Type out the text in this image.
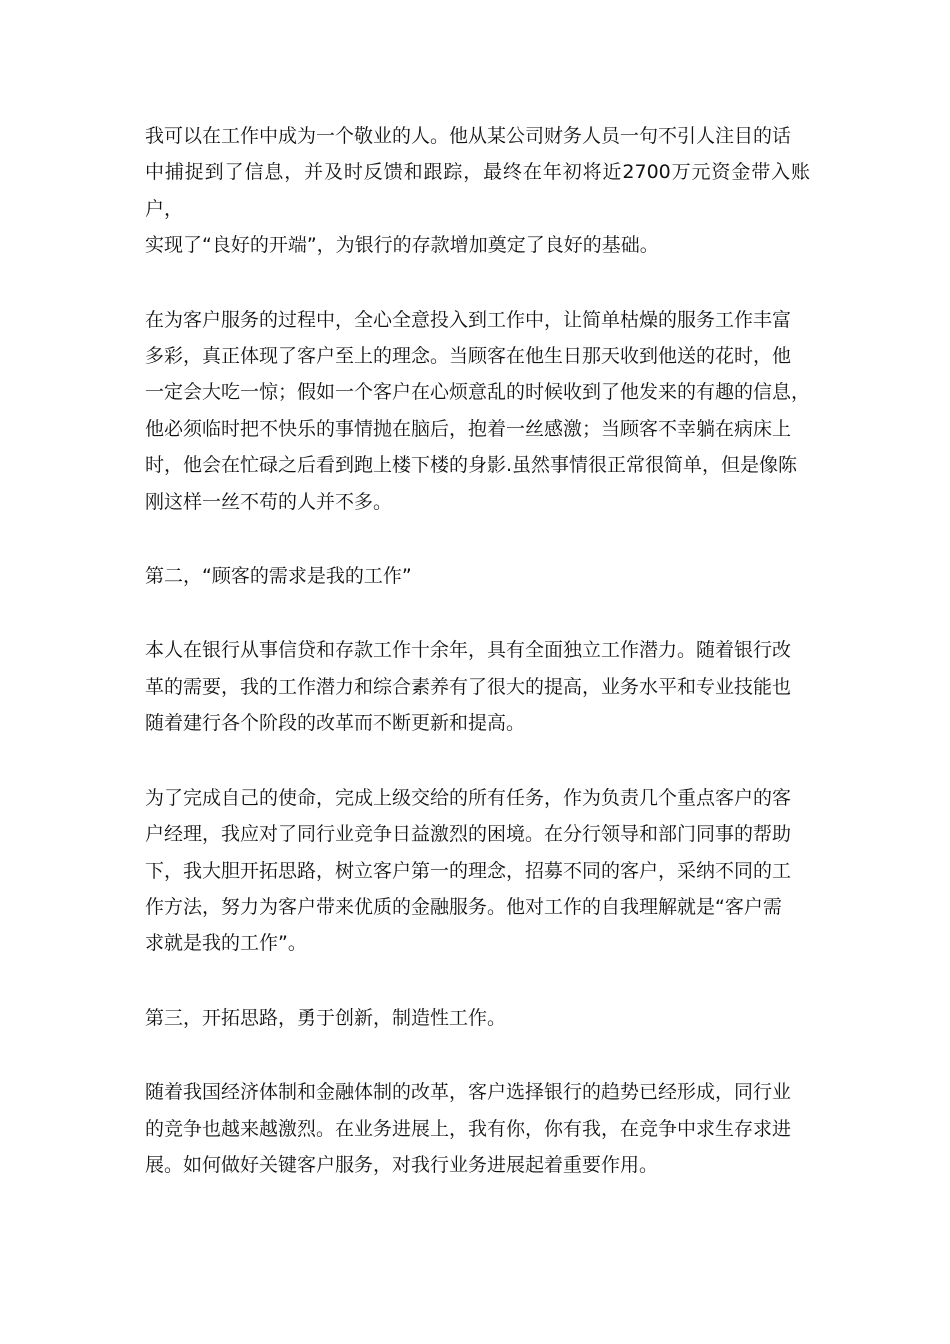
我可以在工作中成为一个敬业的人。他从某公司财务人员一句不引人注目的话
中捕捉到了信息，并及时反馈和跟踪，最终在年初将近2700万元资金带入账户，
实现了“良好的开端”，为银行的存款增加奠定了良好的基础。

在为客户服务的过程中，全心全意投入到工作中，让简单枯燥的服务工作丰富
多彩，真正体现了客户至上的理念。当顾客在他生日那天收到他送的花时，他
一定会大吃一惊；假如一个客户在心烦意乱的时候收到了他发来的有趣的信息，
他必须临时把不快乐的事情抛在脑后，抱着一丝感激；当顾客不幸躺在病床上
时，他会在忙碌之后看到跑上楼下楼的身影.虽然事情很正常很简单，但是像陈
刚这样一丝不苟的人并不多。

第二，“顾客的需求是我的工作”

本人在银行从事信贷和存款工作十余年，具有全面独立工作潜力。随着银行改
革的需要，我的工作潜力和综合素养有了很大的提高，业务水平和专业技能也
随着建行各个阶段的改革而不断更新和提高。

为了完成自己的使命，完成上级交给的所有任务，作为负责几个重点客户的客
户经理，我应对了同行业竞争日益激烈的困境。在分行领导和部门同事的帮助
下，我大胆开拓思路，树立客户第一的理念，招募不同的客户，采纳不同的工
作方法，努力为客户带来优质的金融服务。他对工作的自我理解就是“客户需
求就是我的工作”。

第三，开拓思路，勇于创新，制造性工作。

随着我国经济体制和金融体制的改革，客户选择银行的趋势已经形成，同行业
的竞争也越来越激烈。在业务进展上，我有你，你有我，在竞争中求生存求进
展。如何做好关键客户服务，对我行业务进展起着重要作用。
